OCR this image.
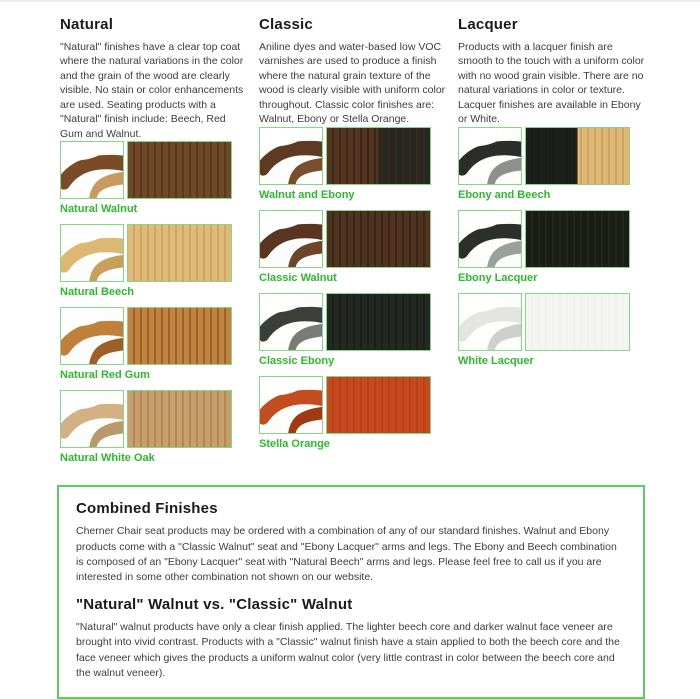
Natural
"Natural" finishes have a clear top coat where the natural variations in the color and the grain of the wood are clearly visible. No stain or color enhancements are used. Seating products with a "Natural" finish include: Beech, Red Gum and Walnut.
Natural Walnut
Natural Beech
Natural Red Gum
Natural White Oak
Classic
Aniline dyes and water-based low VOC varnishes are used to produce a finish where the natural grain texture of the wood is clearly visible with uniform color throughout. Classic color finishes are: Walnut, Ebony or Stella Orange.
Walnut and Ebony
Classic Walnut
Classic Ebony
Stella Orange
Lacquer
Products with a lacquer finish are smooth to the touch with a uniform color with no wood grain visible. There are no natural variations in color or texture. Lacquer finishes are available in Ebony or White.
Ebony and Beech
Ebony Lacquer
White Lacquer
Combined Finishes

Cherner Chair seat products may be ordered with a combination of any of our standard finishes. Walnut and Ebony products come with a "Classic Walnut" seat and "Ebony Lacquer" arms and legs. The Ebony and Beech combination is composed of an "Ebony Lacquer" seat with "Natural Beech" arms and legs. Please feel free to call us if you are interested in some other combination not shown on our website.

"Natural" Walnut vs. "Classic" Walnut

"Natural" walnut products have only a clear finish applied. The lighter beech core and darker walnut face veneer are brought into vivid contrast. Products with a "Classic" walnut finish have a stain applied to both the beech core and the face veneer which gives the products a uniform walnut color (very little contrast in color between the beech core and the walnut veneer).
